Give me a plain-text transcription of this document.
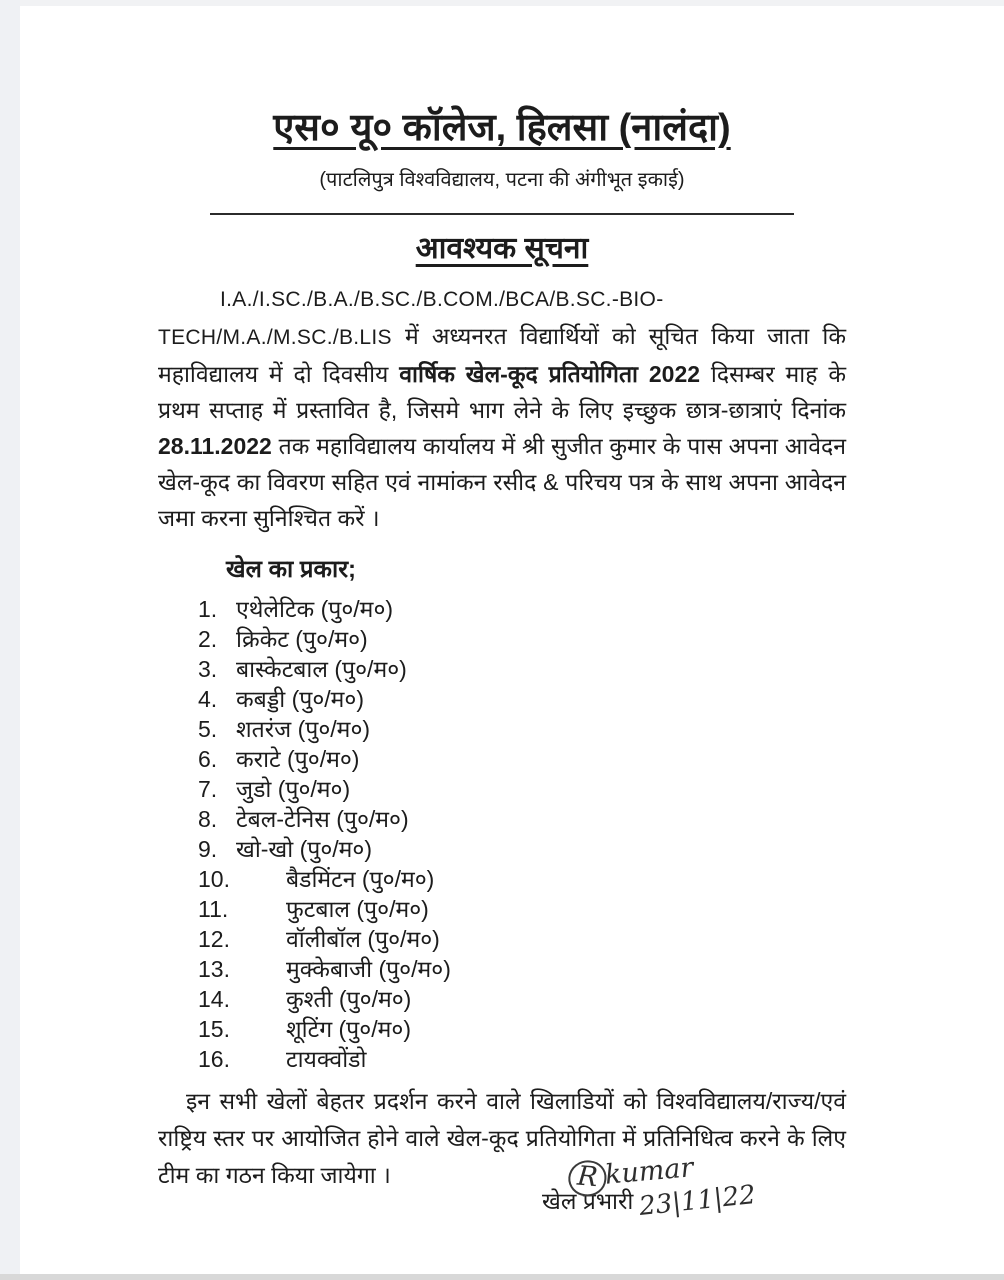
एस० यू० कॉलेज, हिलसा (नालंदा)
(पाटलिपुत्र विश्वविद्यालय, पटना की अंगीभूत इकाई)
आवश्यक सूचना

I.A./I.SC./B.A./B.SC./B.COM./BCA/B.SC.-BIO-TECH/M.A./M.SC./B.LIS में अध्यनरत विद्यार्थियों को सूचित किया जाता कि महाविद्यालय में दो दिवसीय वार्षिक खेल-कूद प्रतियोगिता 2022 दिसम्बर माह के प्रथम सप्ताह में प्रस्तावित है, जिसमे भाग लेने के लिए इच्छुक छात्र-छात्राएं दिनांक 28.11.2022 तक महाविद्यालय कार्यालय में श्री सुजीत कुमार के पास अपना आवेदन खेल-कूद का विवरण सहित एवं नामांकन रसीद & परिचय पत्र के साथ अपना आवेदन जमा करना सुनिश्चित करें ।

खेल का प्रकार;
1. एथेलेटिक (पु०/म०)
2. क्रिकेट (पु०/म०)
3. बास्केटबाल (पु०/म०)
4. कबड्डी (पु०/म०)
5. शतरंज (पु०/म०)
6. कराटे (पु०/म०)
7. जुडो (पु०/म०)
8. टेबल-टेनिस (पु०/म०)
9. खो-खो (पु०/म०)
10. बैडमिंटन (पु०/म०)
11.	फुटबाल (पु०/म०)
12. वॉलीबॉल (पु०/म०)
13. मुक्केबाजी (पु०/म०)
14. कुश्ती (पु०/म०)
15. शूटिंग (पु०/म०)
16. टायक्वोंडो

इन सभी खेलों बेहतर प्रदर्शन करने वाले खिलाडियों को विश्वविद्यालय/राज्य/एवं राष्ट्रिय स्तर पर आयोजित होने वाले खेल-कूद प्रतियोगिता में प्रतिनिधित्व करने के लिए टीम का गठन किया जायेगा ।	R kumar
खेल प्रभारी 23|11|22
